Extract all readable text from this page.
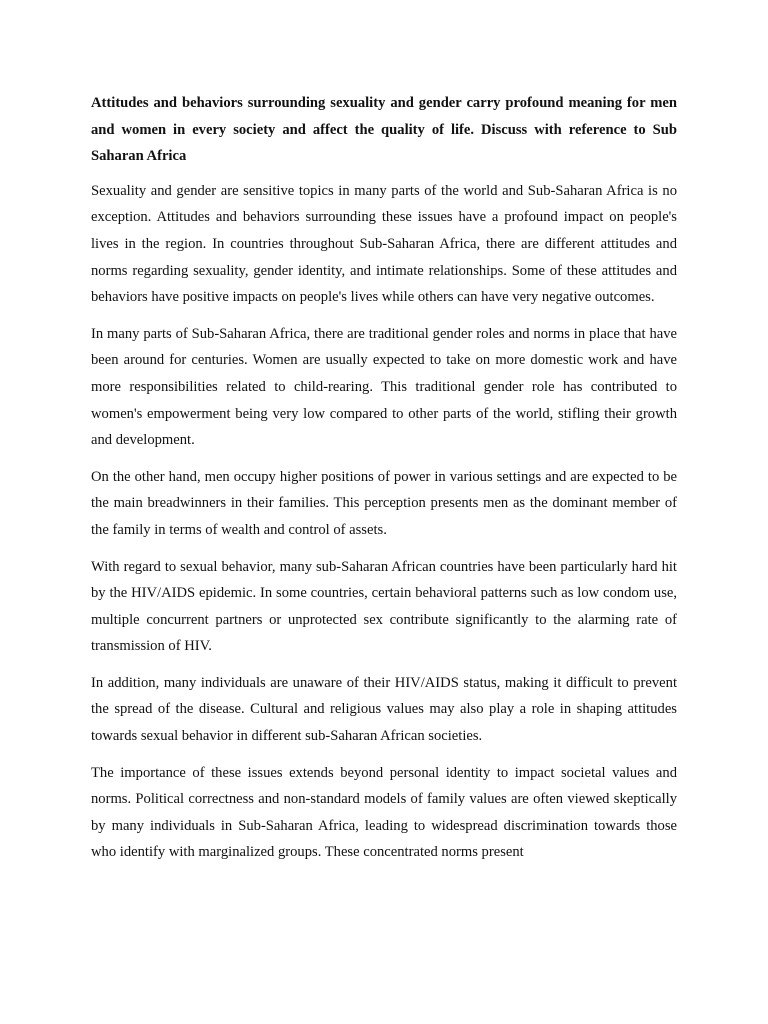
Attitudes and behaviors surrounding sexuality and gender carry profound meaning for men and women in every society and affect the quality of life. Discuss with reference to Sub Saharan Africa

Sexuality and gender are sensitive topics in many parts of the world and Sub-Saharan Africa is no exception. Attitudes and behaviors surrounding these issues have a profound impact on people's lives in the region. In countries throughout Sub-Saharan Africa, there are different attitudes and norms regarding sexuality, gender identity, and intimate relationships. Some of these attitudes and behaviors have positive impacts on people's lives while others can have very negative outcomes.

In many parts of Sub-Saharan Africa, there are traditional gender roles and norms in place that have been around for centuries. Women are usually expected to take on more domestic work and have more responsibilities related to child-rearing. This traditional gender role has contributed to women's empowerment being very low compared to other parts of the world, stifling their growth and development.

On the other hand, men occupy higher positions of power in various settings and are expected to be the main breadwinners in their families. This perception presents men as the dominant member of the family in terms of wealth and control of assets.

With regard to sexual behavior, many sub-Saharan African countries have been particularly hard hit by the HIV/AIDS epidemic. In some countries, certain behavioral patterns such as low condom use, multiple concurrent partners or unprotected sex contribute significantly to the alarming rate of transmission of HIV.

In addition, many individuals are unaware of their HIV/AIDS status, making it difficult to prevent the spread of the disease. Cultural and religious values may also play a role in shaping attitudes towards sexual behavior in different sub-Saharan African societies.

The importance of these issues extends beyond personal identity to impact societal values and norms. Political correctness and non-standard models of family values are often viewed skeptically by many individuals in Sub-Saharan Africa, leading to widespread discrimination towards those who identify with marginalized groups. These concentrated norms present
